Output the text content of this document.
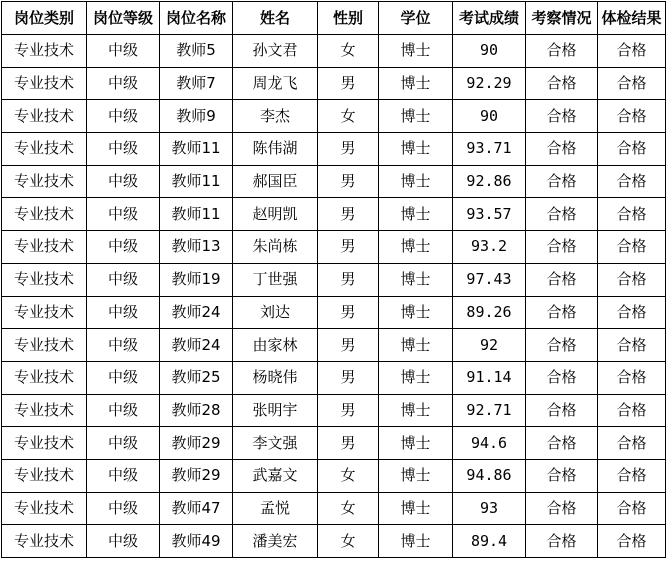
岗位类别	岗位等级	岗位名称	姓名	性别	学位	考试成绩	考察情况	体检结果
专业技术	中级	教师5	孙文君	女	博士	90	合格	合格
专业技术	中级	教师7	周龙飞	男	博士	92.29	合格	合格
专业技术	中级	教师9	李杰	女	博士	90	合格	合格
专业技术	中级	教师11	陈伟湖	男	博士	93.71	合格	合格
专业技术	中级	教师11	郝国臣	男	博士	92.86	合格	合格
专业技术	中级	教师11	赵明凯	男	博士	93.57	合格	合格
专业技术	中级	教师13	朱尚栋	男	博士	93.2	合格	合格
专业技术	中级	教师19	丁世强	男	博士	97.43	合格	合格
专业技术	中级	教师24	刘达	男	博士	89.26	合格	合格
专业技术	中级	教师24	由家林	男	博士	92	合格	合格
专业技术	中级	教师25	杨晓伟	男	博士	91.14	合格	合格
专业技术	中级	教师28	张明宇	男	博士	92.71	合格	合格
专业技术	中级	教师29	李文强	男	博士	94.6	合格	合格
专业技术	中级	教师29	武嘉文	女	博士	94.86	合格	合格
专业技术	中级	教师47	孟悦	女	博士	93	合格	合格
专业技术	中级	教师49	潘美宏	女	博士	89.4	合格	合格
